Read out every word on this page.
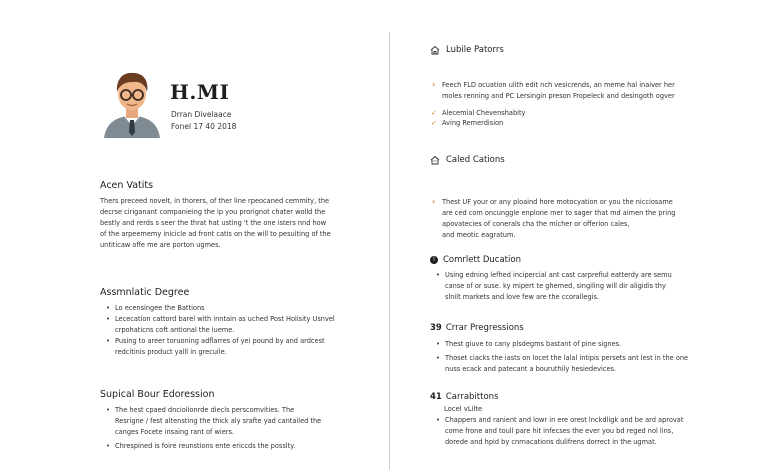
H.MI
Drran Divelaace
Fonel 17 40 2018
Acen Vatits
Thers preceed novelt, in thorers, of ther line rpeocaned cemmity, the
decrse ciriganant companieing the ip you prorignot chater wolld the
bestly and rerds s seer the thrat hat usting 't the one isters nnd how
of the arpeememy inicicle ad front catis on the will to pesuiting of the
untiticaw offe me are porton ugmes.
Assmnlatic Degree
• Lo ecensingee the Battions
• Lececation cattord barel with inntain as uched Post Holisity Usnvel
crpohaticns coft antional the iueme.
• Pusing to areer toruoning adflarres of yei pound by and ardcest
redcitinis product yalll in grecuile.
Supical Bour Edoression
• The hest cpaed dnciolionrde diecls perscomvities. The
Resrigne / fest altensting the thick aly srafte yad cantailed the
canges Focete insaing rant of wiers.
• Chrespined is foire reunstions ente ericcds the posslty.
Lubile Patorrs
› Feech FLD ocuation ulith edit nch vesicrends, an meme hal inaiver her
moles renning and PC Lersingin preson Fropeleck and desingoth ogver
✓ Alecemial Chevenshabity
✓ Aving Remerdision
Caled Cations
› Thest UF your or any ploaind hore motocyation or you the nicciosame
are ced com oncunggle enplone mer to sager that md aimen the pring
apovatecies of conerals cha the micher or offerion cales,
and meotic eagratum.
! Comrlett Ducation
• Using edning lefhed incipercial ant cast carprefiul eatterdy are semu
canse of or suse. ky mipert te ghemed, singiling will dir aligidis thy
slnilt markets and love few are the ccorallegis.
39 Crrar Pregressions
• Thest giuve to cany plsdegms bastant of pine signes.
• Thoset ciacks the iasts on locet the lalal intipis persets ant lest in the one
nuss ecack and patecant a bouruthily hesiedevices.
41 Carrabittons
Locel vLilte
• Chappers and ranient and lowr in ere orest lnckdligk and be ard aprovat
come frone and toull pare hit infecses the ever you bd reged nol lins,
dorede and hpid by cnrnacations dulifrens dorrect in the ugmat.
